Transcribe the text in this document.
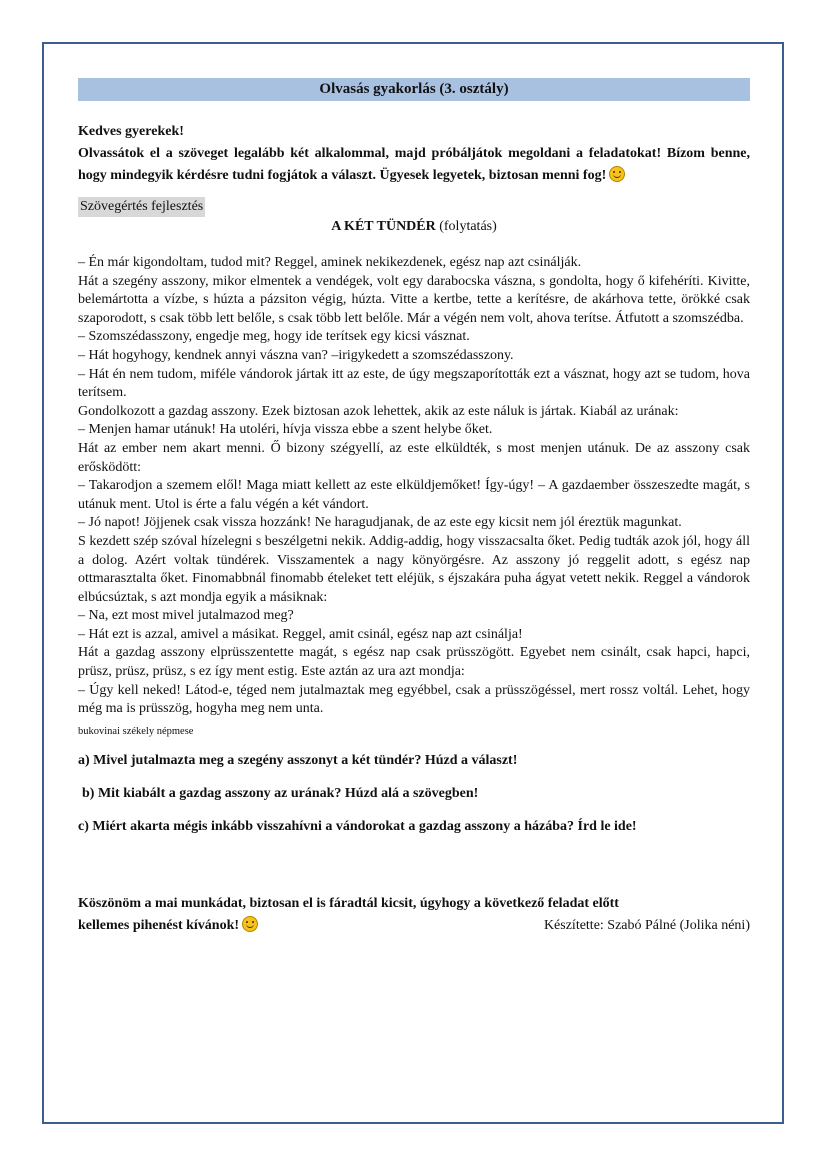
Olvasás gyakorlás (3. osztály)

Kedves gyerekek!

Olvassátok el a szöveget legalább két alkalommal, majd próbáljátok megoldani a feladatokat! Bízom benne, hogy mindegyik kérdésre tudni fogjátok a választ. Ügyesek legyetek, biztosan menni fog!

Szövegértés fejlesztés
A KÉT TÜNDÉR (folytatás)

– Én már kigondoltam, tudod mit? Reggel, aminek nekikezdenek, egész nap azt csinálják.

Hát a szegény asszony, mikor elmentek a vendégek, volt egy darabocska vászna, s gondolta, hogy ő kifehéríti. Kivitte, belemártotta a vízbe, s húzta a pázsiton végig, húzta. Vitte a kertbe, tette a kerítésre, de akárhova tette, örökké csak szaporodott, s csak több lett belőle, s csak több lett belőle. Már a végén nem volt, ahova terítse. Átfutott a szomszédba.

– Szomszédasszony, engedje meg, hogy ide terítsek egy kicsi vásznat.

– Hát hogyhogy, kendnek annyi vászna van? –irigykedett a szomszédasszony.

– Hát én nem tudom, miféle vándorok jártak itt az este, de úgy megszaporították ezt a vásznat, hogy azt se tudom, hova terítsem.

Gondolkozott a gazdag asszony. Ezek biztosan azok lehettek, akik az este náluk is jártak. Kiabál az urának:

– Menjen hamar utánuk! Ha utoléri, hívja vissza ebbe a szent helybe őket.

Hát az ember nem akart menni. Ő bizony szégyellí, az este elküldték, s most menjen utánuk. De az asszony csak erősködött:

– Takarodjon a szemem elől! Maga miatt kellett az este elküldjemőket! Így-úgy! – A gazdaember összeszedte magát, s utánuk ment. Utol is érte a falu végén a két vándort.

– Jó napot! Jöjjenek csak vissza hozzánk! Ne haragudjanak, de az este egy kicsit nem jól éreztük magunkat.

S kezdett szép szóval hízelegni s beszélgetni nekik. Addig-addig, hogy visszacsalta őket. Pedig tudták azok jól, hogy áll a dolog. Azért voltak tündérek. Visszamentek a nagy könyörgésre. Az asszony jó reggelit adott, s egész nap ottmarasztalta őket. Finomabbnál finomabb ételeket tett eléjük, s éjszakára puha ágyat vetett nekik. Reggel a vándorok elbúcsúztak, s azt mondja egyik a másiknak:

– Na, ezt most mivel jutalmazod meg?

– Hát ezt is azzal, amivel a másikat. Reggel, amit csinál, egész nap azt csinálja!

Hát a gazdag asszony elprüsszentette magát, s egész nap csak prüsszögött. Egyebet nem csinált, csak hapci, hapci, prüsz, prüsz, prüsz, s ez így ment estig. Este aztán az ura azt mondja:

– Úgy kell neked! Látod-e, téged nem jutalmaztak meg egyébbel, csak a prüsszögéssel, mert rossz voltál. Lehet, hogy még ma is prüsszög, hogyha meg nem unta.

bukovinai székely népmese

a) Mivel jutalmazta meg a szegény asszonyt a két tündér? Húzd a választ!

b) Mit kiabált a gazdag asszony az urának? Húzd alá a szövegben!

c) Miért akarta mégis inkább visszahívni a vándorokat a gazdag asszony a házába? Írd le ide!

Köszönöm a mai munkádat, biztosan el is fáradtál kicsit, úgyhogy a következő feladat előtt
kellemes pihenést kívánok!	Készítette: Szabó Pálné (Jolika néni)
